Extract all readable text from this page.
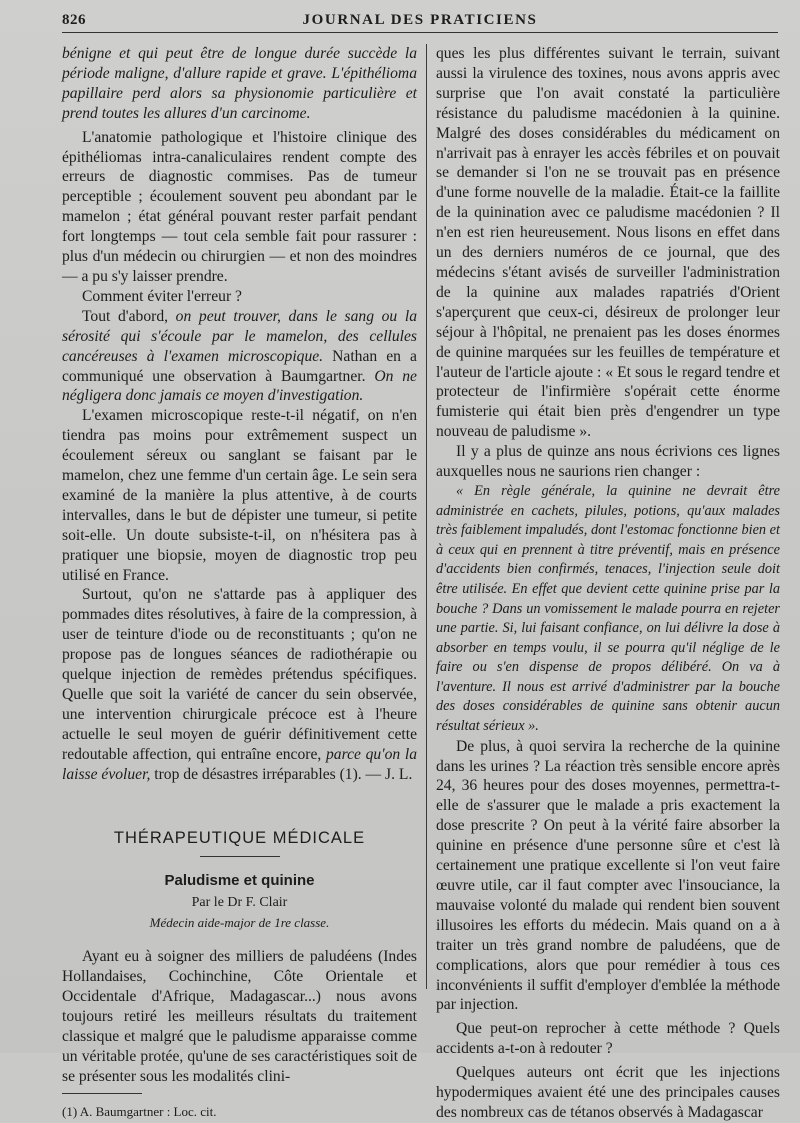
826	JOURNAL DES PRATICIENS

bénigne et qui peut être de longue durée succède la période maligne, d'allure rapide et grave. L'épithélioma papillaire perd alors sa physionomie particulière et prend toutes les allures d'un carcinome.

L'anatomie pathologique et l'histoire clinique des épithéliomas intra-canaliculaires rendent compte des erreurs de diagnostic commises. Pas de tumeur perceptible ; écoulement souvent peu abondant par le mamelon ; état général pouvant rester parfait pendant fort longtemps — tout cela semble fait pour rassurer : plus d'un médecin ou chirurgien — et non des moindres — a pu s'y laisser prendre.

Comment éviter l'erreur ?

Tout d'abord, on peut trouver, dans le sang ou la sérosité qui s'écoule par le mamelon, des cellules cancéreuses à l'examen microscopique. Nathan en a communiqué une observation à Baumgartner. On ne négligera donc jamais ce moyen d'investigation.

L'examen microscopique reste-t-il négatif, on n'en tiendra pas moins pour extrêmement suspect un écoulement séreux ou sanglant se faisant par le mamelon, chez une femme d'un certain âge. Le sein sera examiné de la manière la plus attentive, à de courts intervalles, dans le but de dépister une tumeur, si petite soit-elle. Un doute subsiste-t-il, on n'hésitera pas à pratiquer une biopsie, moyen de diagnostic trop peu utilisé en France.

Surtout, qu'on ne s'attarde pas à appliquer des pommades dites résolutives, à faire de la compression, à user de teinture d'iode ou de reconstituants ; qu'on ne propose pas de longues séances de radiothérapie ou quelque injection de remèdes prétendus spécifiques. Quelle que soit la variété de cancer du sein observée, une intervention chirurgicale précoce est à l'heure actuelle le seul moyen de guérir définitivement cette redoutable affection, qui entraîne encore, parce qu'on la laisse évoluer, trop de désastres irréparables (1). — J. L.

THÉRAPEUTIQUE MÉDICALE
Paludisme et quinine
Par le Dr F. Clair
Médecin aide-major de 1re classe.

Ayant eu à soigner des milliers de paludéens (Indes Hollandaises, Cochinchine, Côte Orientale et Occidentale d'Afrique, Madagascar...) nous avons toujours retiré les meilleurs résultats du traitement classique et malgré que le paludisme apparaisse comme un véritable protée, qu'une de ses caractéristiques soit de se présenter sous les modalités clini-

(1) A. Baumgartner : Loc. cit.

ques les plus différentes suivant le terrain, suivant aussi la virulence des toxines, nous avons appris avec surprise que l'on avait constaté la particulière résistance du paludisme macédonien à la quinine. Malgré des doses considérables du médicament on n'arrivait pas à enrayer les accès fébriles et on pouvait se demander si l'on ne se trouvait pas en présence d'une forme nouvelle de la maladie. Était-ce la faillite de la quinination avec ce paludisme macédonien ? Il n'en est rien heureusement. Nous lisons en effet dans un des derniers numéros de ce journal, que des médecins s'étant avisés de surveiller l'administration de la quinine aux malades rapatriés d'Orient s'aperçurent que ceux-ci, désireux de prolonger leur séjour à l'hôpital, ne prenaient pas les doses énormes de quinine marquées sur les feuilles de température et l'auteur de l'article ajoute : « Et sous le regard tendre et protecteur de l'infirmière s'opérait cette énorme fumisterie qui était bien près d'engendrer un type nouveau de paludisme ».

Il y a plus de quinze ans nous écrivions ces lignes auxquelles nous ne saurions rien changer :

« En règle générale, la quinine ne devrait être administrée en cachets, pilules, potions, qu'aux malades très faiblement impaludés, dont l'estomac fonctionne bien et à ceux qui en prennent à titre préventif, mais en présence d'accidents bien confirmés, tenaces, l'injection seule doit être utilisée. En effet que devient cette quinine prise par la bouche ? Dans un vomissement le malade pourra en rejeter une partie. Si, lui faisant confiance, on lui délivre la dose à absorber en temps voulu, il se pourra qu'il néglige de le faire ou s'en dispense de propos délibéré. On va à l'aventure. Il nous est arrivé d'administrer par la bouche des doses considérables de quinine sans obtenir aucun résultat sérieux ».

De plus, à quoi servira la recherche de la quinine dans les urines ? La réaction très sensible encore après 24, 36 heures pour des doses moyennes, permettra-t-elle de s'assurer que le malade a pris exactement la dose prescrite ? On peut à la vérité faire absorber la quinine en présence d'une personne sûre et c'est là certainement une pratique excellente si l'on veut faire œuvre utile, car il faut compter avec l'insouciance, la mauvaise volonté du malade qui rendent bien souvent illusoires les efforts du médecin. Mais quand on a à traiter un très grand nombre de paludéens, que de complications, alors que pour remédier à tous ces inconvénients il suffit d'employer d'emblée la méthode par injection.

Que peut-on reprocher à cette méthode ? Quels accidents a-t-on à redouter ?

Quelques auteurs ont écrit que les injections hypodermiques avaient été une des principales causes des nombreux cas de tétanos observés à Madagascar
